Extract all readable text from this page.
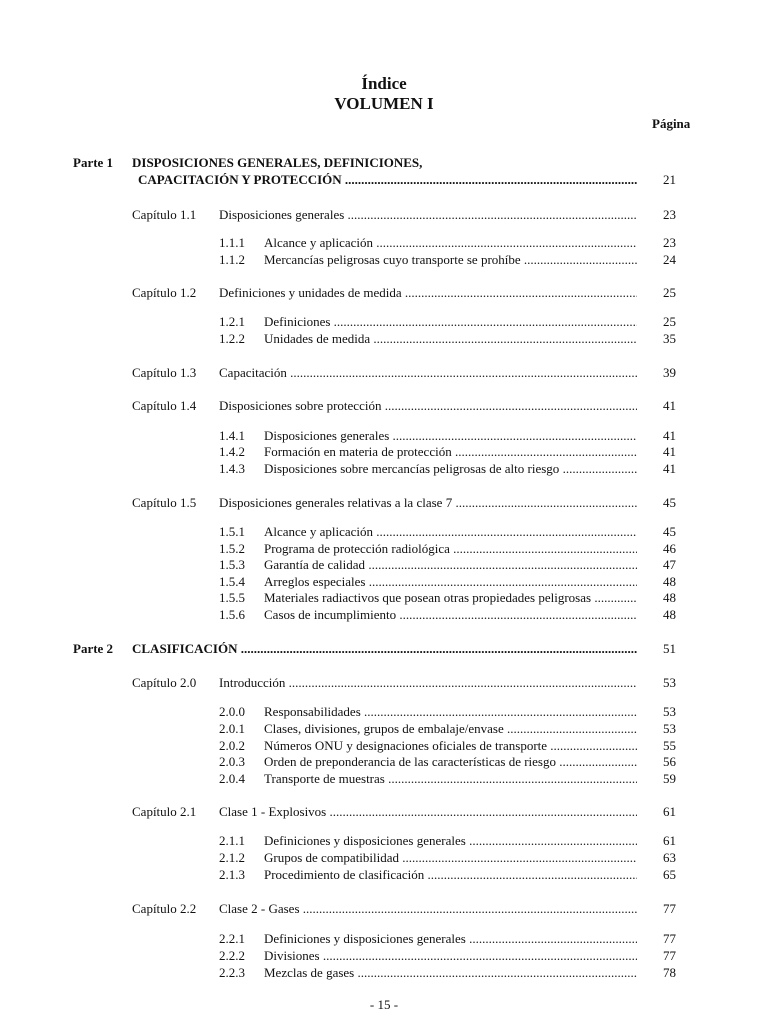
Índice
VOLUMEN I
Página
Parte 1 DISPOSICIONES GENERALES, DEFINICIONES,
CAPACITACIÓN Y PROTECCIÓN .....	21
Capítulo 1.1 Disposiciones generales .....	23
1.1.1 Alcance y aplicación .....	23
1.1.2 Mercancías peligrosas cuyo transporte se prohíbe .....	24
Capítulo 1.2 Definiciones y unidades de medida .....	25
1.2.1 Definiciones .....	25
1.2.2 Unidades de medida .....	35
Capítulo 1.3 Capacitación .....	39
Capítulo 1.4 Disposiciones sobre protección .....	41
1.4.1 Disposiciones generales .....	41
1.4.2 Formación en materia de protección .....	41
1.4.3 Disposiciones sobre mercancías peligrosas de alto riesgo .....	41
Capítulo 1.5 Disposiciones generales relativas a la clase 7 .....	45
1.5.1 Alcance y aplicación .....	45
1.5.2 Programa de protección radiológica .....	46
1.5.3 Garantía de calidad .....	47
1.5.4 Arreglos especiales .....	48
1.5.5 Materiales radiactivos que posean otras propiedades peligrosas .....	48
1.5.6 Casos de incumplimiento .....	48
Parte 2 CLASIFICACIÓN .....	51
Capítulo 2.0 Introducción .....	53
2.0.0 Responsabilidades .....	53
2.0.1 Clases, divisiones, grupos de embalaje/envase .....	53
2.0.2 Números ONU y designaciones oficiales de transporte .....	55
2.0.3 Orden de preponderancia de las características de riesgo .....	56
2.0.4 Transporte de muestras .....	59
Capítulo 2.1 Clase 1 - Explosivos .....	61
2.1.1 Definiciones y disposiciones generales .....	61
2.1.2 Grupos de compatibilidad .....	63
2.1.3 Procedimiento de clasificación .....	65
Capítulo 2.2 Clase 2 - Gases .....	77
2.2.1 Definiciones y disposiciones generales .....	77
2.2.2 Divisiones .....	77
2.2.3 Mezclas de gases .....	78
- 15 -
